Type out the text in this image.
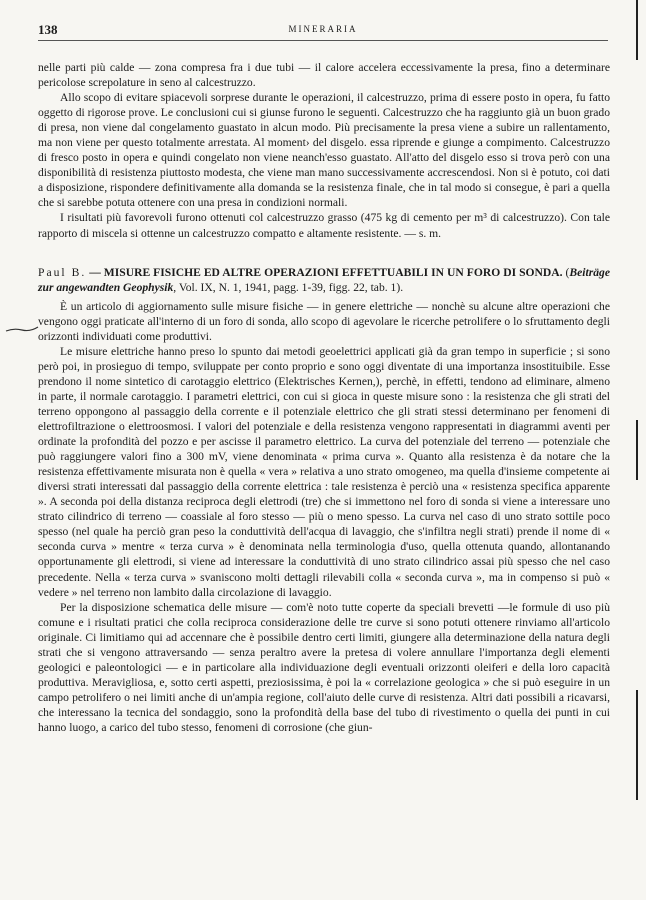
138	MINERARIA

nelle parti più calde — zona compresa fra i due tubi — il calore accelera eccessivamente la presa, fino a determinare pericolose screpolature in seno al calcestruzzo.

Allo scopo di evitare spiacevoli sorprese durante le operazioni, il calcestruzzo, prima di essere posto in opera, fu fatto oggetto di rigorose prove. Le conclusioni cui si giunse furono le seguenti. Calcestruzzo che ha raggiunto già un buon grado di presa, non viene dal congelamento guastato in alcun modo. Più precisamente la presa viene a subire un rallentamento, ma non viene per questo totalmente arrestata. Al moment› del disgelo. essa riprende e giunge a compimento. Calcestruzzo di fresco posto in opera e quindi congelato non viene neanch'esso guastato. All'atto del disgelo esso si trova però con una disponibilità di resistenza piuttosto modesta, che viene man mano successivamente accrescendosi. Non si è potuto, coi dati a disposizione, rispondere definitivamente alla domanda se la resistenza finale, che in tal modo si consegue, è pari a quella che si sarebbe potuta ottenere con una presa in condizioni normali.

I risultati più favorevoli furono ottenuti col calcestruzzo grasso (475 kg di cemento per m³ di calcestruzzo). Con tale rapporto di miscela si ottenne un calcestruzzo compatto e altamente resistente. — s. m.

Paul B. — MISURE FISICHE ED ALTRE OPERAZIONI EFFETTUABILI IN UN FORO DI SONDA. (Beiträge zur angewandten Geophysik, Vol. IX, N. 1, 1941, pagg. 1-39, figg. 22, tab. 1).

È un articolo di aggiornamento sulle misure fisiche — in genere elettriche — nonchè su alcune altre operazioni che vengono oggi praticate all'interno di un foro di sonda, allo scopo di agevolare le ricerche petrolifere o lo sfruttamento degli orizzonti individuati come produttivi.

Le misure elettriche hanno preso lo spunto dai metodi geoelettrici applicati già da gran tempo in superficie ; si sono però poi, in prosieguo di tempo, sviluppate per conto proprio e sono oggi diventate di una importanza insostituibile. Esse prendono il nome sintetico di carotaggio elettrico (Elektrisches Kernen,), perchè, in effetti, tendono ad eliminare, almeno in parte, il normale carotaggio. I parametri elettrici, con cui si gioca in queste misure sono : la resistenza che gli strati del terreno oppongono al passaggio della corrente e il potenziale elettrico che gli strati stessi determinano per fenomeni di elettrofiltrazione o elettroosmosi. I valori del potenziale e della resistenza vengono rappresentati in diagrammi aventi per ordinate la profondità del pozzo e per ascisse il parametro elettrico. La curva del potenziale del terreno — potenziale che può raggiungere valori fino a 300 mV, viene denominata « prima curva ». Quanto alla resistenza è da notare che la resistenza effettivamente misurata non è quella « vera » relativa a uno strato omogeneo, ma quella d'insieme competente ai diversi strati interessati dal passaggio della corrente elettrica : tale resistenza è perciò una « resistenza specifica apparente ». A seconda poi della distanza reciproca degli elettrodi (tre) che si immettono nel foro di sonda si viene a interessare uno strato cilindrico di terreno — coassiale al foro stesso — più o meno spesso. La curva nel caso di uno strato sottile poco spesso (nel quale ha perciò gran peso la conduttività dell'acqua di lavaggio, che s'infiltra negli strati) prende il nome di « seconda curva » mentre « terza curva » è denominata nella terminologia d'uso, quella ottenuta quando, allontanando opportunamente gli elettrodi, si viene ad interessare la conduttività di uno strato cilindrico assai più spesso che nel caso precedente. Nella « terza curva » svaniscono molti dettagli rilevabili colla « seconda curva », ma in compenso si può « vedere » nel terreno non lambito dalla circolazione di lavaggio.

Per la disposizione schematica delle misure — com'è noto tutte coperte da speciali brevetti —le formule di uso più comune e i risultati pratici che colla reciproca considerazione delle tre curve si sono potuti ottenere rinviamo all'articolo originale. Ci limitiamo qui ad accennare che è possibile dentro certi limiti, giungere alla determinazione della natura degli strati che si vengono attraversando — senza peraltro avere la pretesa di volere annullare l'importanza degli elementi geologici e paleontologici — e in particolare alla individuazione degli eventuali orizzonti oleiferi e della loro capacità produttiva. Meravigliosa, e, sotto certi aspetti, preziosissima, è poi la « correlazione geologica » che si può eseguire in un campo petrolifero o nei limiti anche di un'ampia regione, coll'aiuto delle curve di resistenza. Altri dati possibili a ricavarsi, che interessano la tecnica del sondaggio, sono la profondità della base del tubo di rivestimento o quella dei punti in cui hanno luogo, a carico del tubo stesso, fenomeni di corrosione (che giun-
